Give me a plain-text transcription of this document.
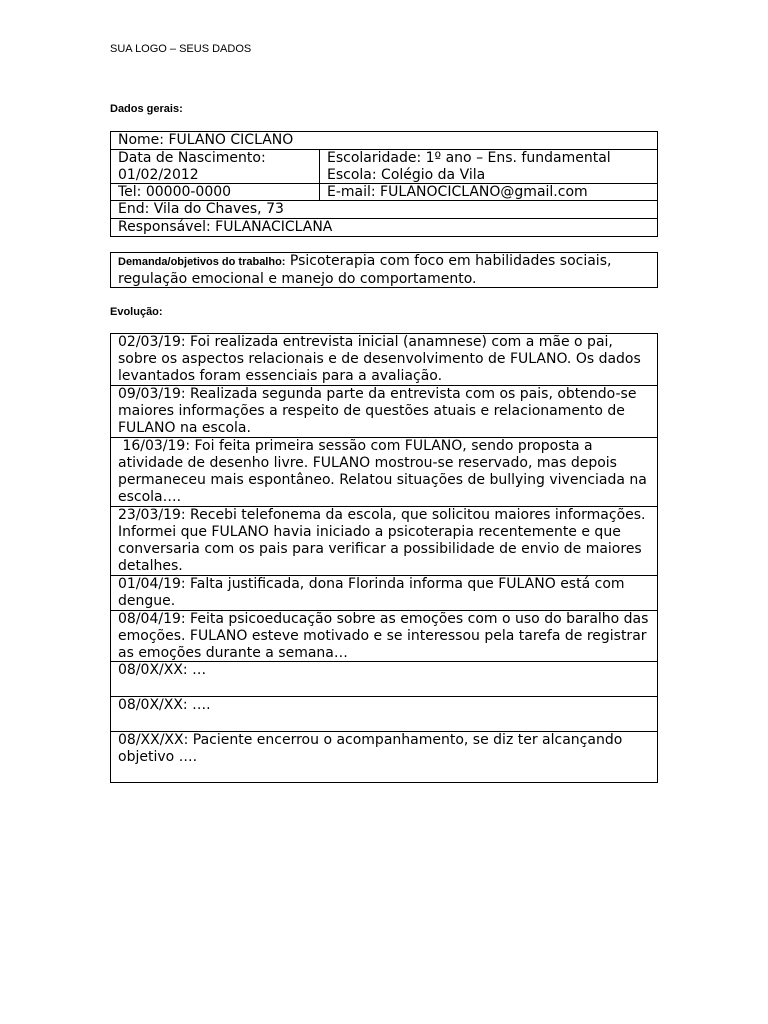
SUA LOGO – SEUS DADOS
Dados gerais:
Nome: FULANO CICLANO
Data de Nascimento:
01/02/2012
Escolaridade: 1º ano – Ens. fundamental
Escola: Colégio da Vila
Tel: 00000-0000	E-mail: FULANOCICLANO@gmail.com
End: Vila do Chaves, 73
Responsável: FULANACICLANA
Demanda/objetivos do trabalho: Psicoterapia com foco em habilidades sociais, regulação emocional e manejo do comportamento.
Evolução:
02/03/19: Foi realizada entrevista inicial (anamnese) com a mãe o pai, sobre os aspectos relacionais e de desenvolvimento de FULANO. Os dados levantados foram essenciais para a avaliação.
09/03/19: Realizada segunda parte da entrevista com os pais, obtendo-se maiores informações a respeito de questões atuais e relacionamento de FULANO na escola.
16/03/19: Foi feita primeira sessão com FULANO, sendo proposta a atividade de desenho livre. FULANO mostrou-se reservado, mas depois permaneceu mais espontâneo. Relatou situações de bullying vivenciada na escola….
23/03/19: Recebi telefonema da escola, que solicitou maiores informações. Informei que FULANO havia iniciado a psicoterapia recentemente e que conversaria com os pais para verificar a possibilidade de envio de maiores detalhes.
01/04/19: Falta justificada, dona Florinda informa que FULANO está com dengue.
08/04/19: Feita psicoeducação sobre as emoções com o uso do baralho das emoções. FULANO esteve motivado e se interessou pela tarefa de registrar as emoções durante a semana…
08/0X/XX: …
08/0X/XX: ….
08/XX/XX: Paciente encerrou o acompanhamento, se diz ter alcançando objetivo ….
